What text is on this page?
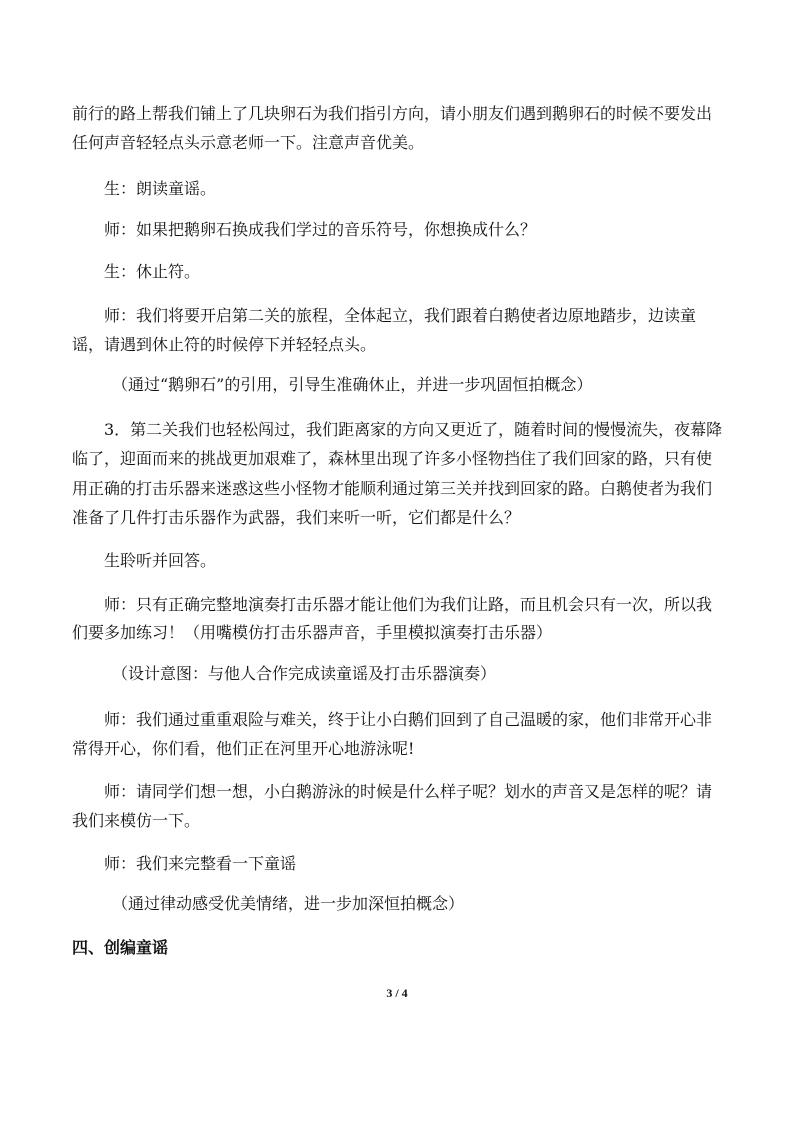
前行的路上帮我们铺上了几块卵石为我们指引方向，请小朋友们遇到鹅卵石的时候不要发出
任何声音轻轻点头示意老师一下。注意声音优美。
生：朗读童谣。
师：如果把鹅卵石换成我们学过的音乐符号，你想换成什么？
生：休止符。
师：我们将要开启第二关的旅程，全体起立，我们跟着白鹅使者边原地踏步，边读童
谣，请遇到休止符的时候停下并轻轻点头。
（通过“鹅卵石”的引用，引导生准确休止，并进一步巩固恒拍概念）
3．第二关我们也轻松闯过，我们距离家的方向又更近了，随着时间的慢慢流失，夜幕降
临了，迎面而来的挑战更加艰难了，森林里出现了许多小怪物挡住了我们回家的路，只有使
用正确的打击乐器来迷惑这些小怪物才能顺利通过第三关并找到回家的路。白鹅使者为我们
准备了几件打击乐器作为武器，我们来听一听，它们都是什么？
生聆听并回答。
师：只有正确完整地演奏打击乐器才能让他们为我们让路，而且机会只有一次，所以我
们要多加练习！（用嘴模仿打击乐器声音，手里模拟演奏打击乐器）
（设计意图：与他人合作完成读童谣及打击乐器演奏）
师：我们通过重重艰险与难关，终于让小白鹅们回到了自己温暖的家，他们非常开心非
常得开心，你们看，他们正在河里开心地游泳呢!
师：请同学们想一想，小白鹅游泳的时候是什么样子呢？划水的声音又是怎样的呢？请
我们来模仿一下。
师：我们来完整看一下童谣
（通过律动感受优美情绪，进一步加深恒拍概念）
四、创编童谣
3 / 4
